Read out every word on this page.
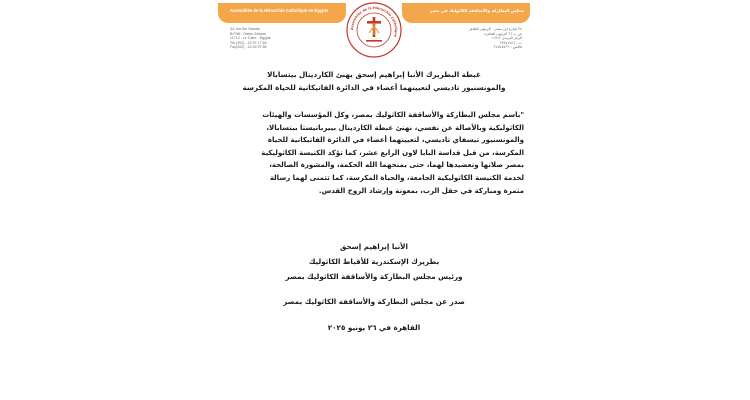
Assemblée de la Hiérarchie Catholique en Égypte	مجلس البطاركة والأساقفة الكاثوليك في مصر
34, rue Ibn Sandar
B.P.66 - Daher Zeitoun
11712 - Le Caire - Égypte
Tél.(202) - 22 57 17 46
Fax(202) - 24 54 57 66
٣٤ شارع ابن سندر - الزيتون الظاهر
ص ب ٦٦ الزيتون القاهرة
الرمز البريدي ١١٧١٢
ت : ٢٢٥٧١٧٤٦
فاكس : ٢٤٥٤٥٧٦٦
Assemblée de la Hiérarchie Catholique
غبطة البطريرك الأنبا إبراهيم إسحق يهنئ الكاردينال بيتسابالا
والمونسنيور تاديسي لتعيينهما أعضاء في الدائرة الفاتيكانية للحياة المكرسة
"باسم مجلس البطاركة والأساقفة الكاثوليك بمصر، وكل المؤسسات والهيئات
الكاثوليكية وبالأصالة عن نفسي، نهنئ غبطة الكاردينال بييرباتيستا بيتسابالا،
والمونسنيور تيسفاي تاديسي، لتعيينهما أعضاء في الدائرة الفاتيكانية للحياة
المكرسة، من قبل قداسة البابا لاون الرابع عشر، كما تؤكد الكنيسة الكاثوليكية
بمصر صلاتها وتعضيدها لهما، حتى يمنحهما الله الحكمة، والمشورة الصالحة،
لخدمة الكنيسة الكاثوليكية الجامعة، والحياة المكرسة، كما تتمنى لهما رسالة
مثمرة ومباركة في حقل الرب، بمعونة وإرشاد الروح القدس.
الأنبا إبراهيم إسحق
بطريرك الإسكندرية للأقباط الكاثوليك
ورئيس مجلس البطاركة والأساقفة الكاثوليك بمصر
صدر عن مجلس البطاركة والأساقفة الكاثوليك بمصر
القاهرة في ٢٦ يونيو ٢٠٢٥
